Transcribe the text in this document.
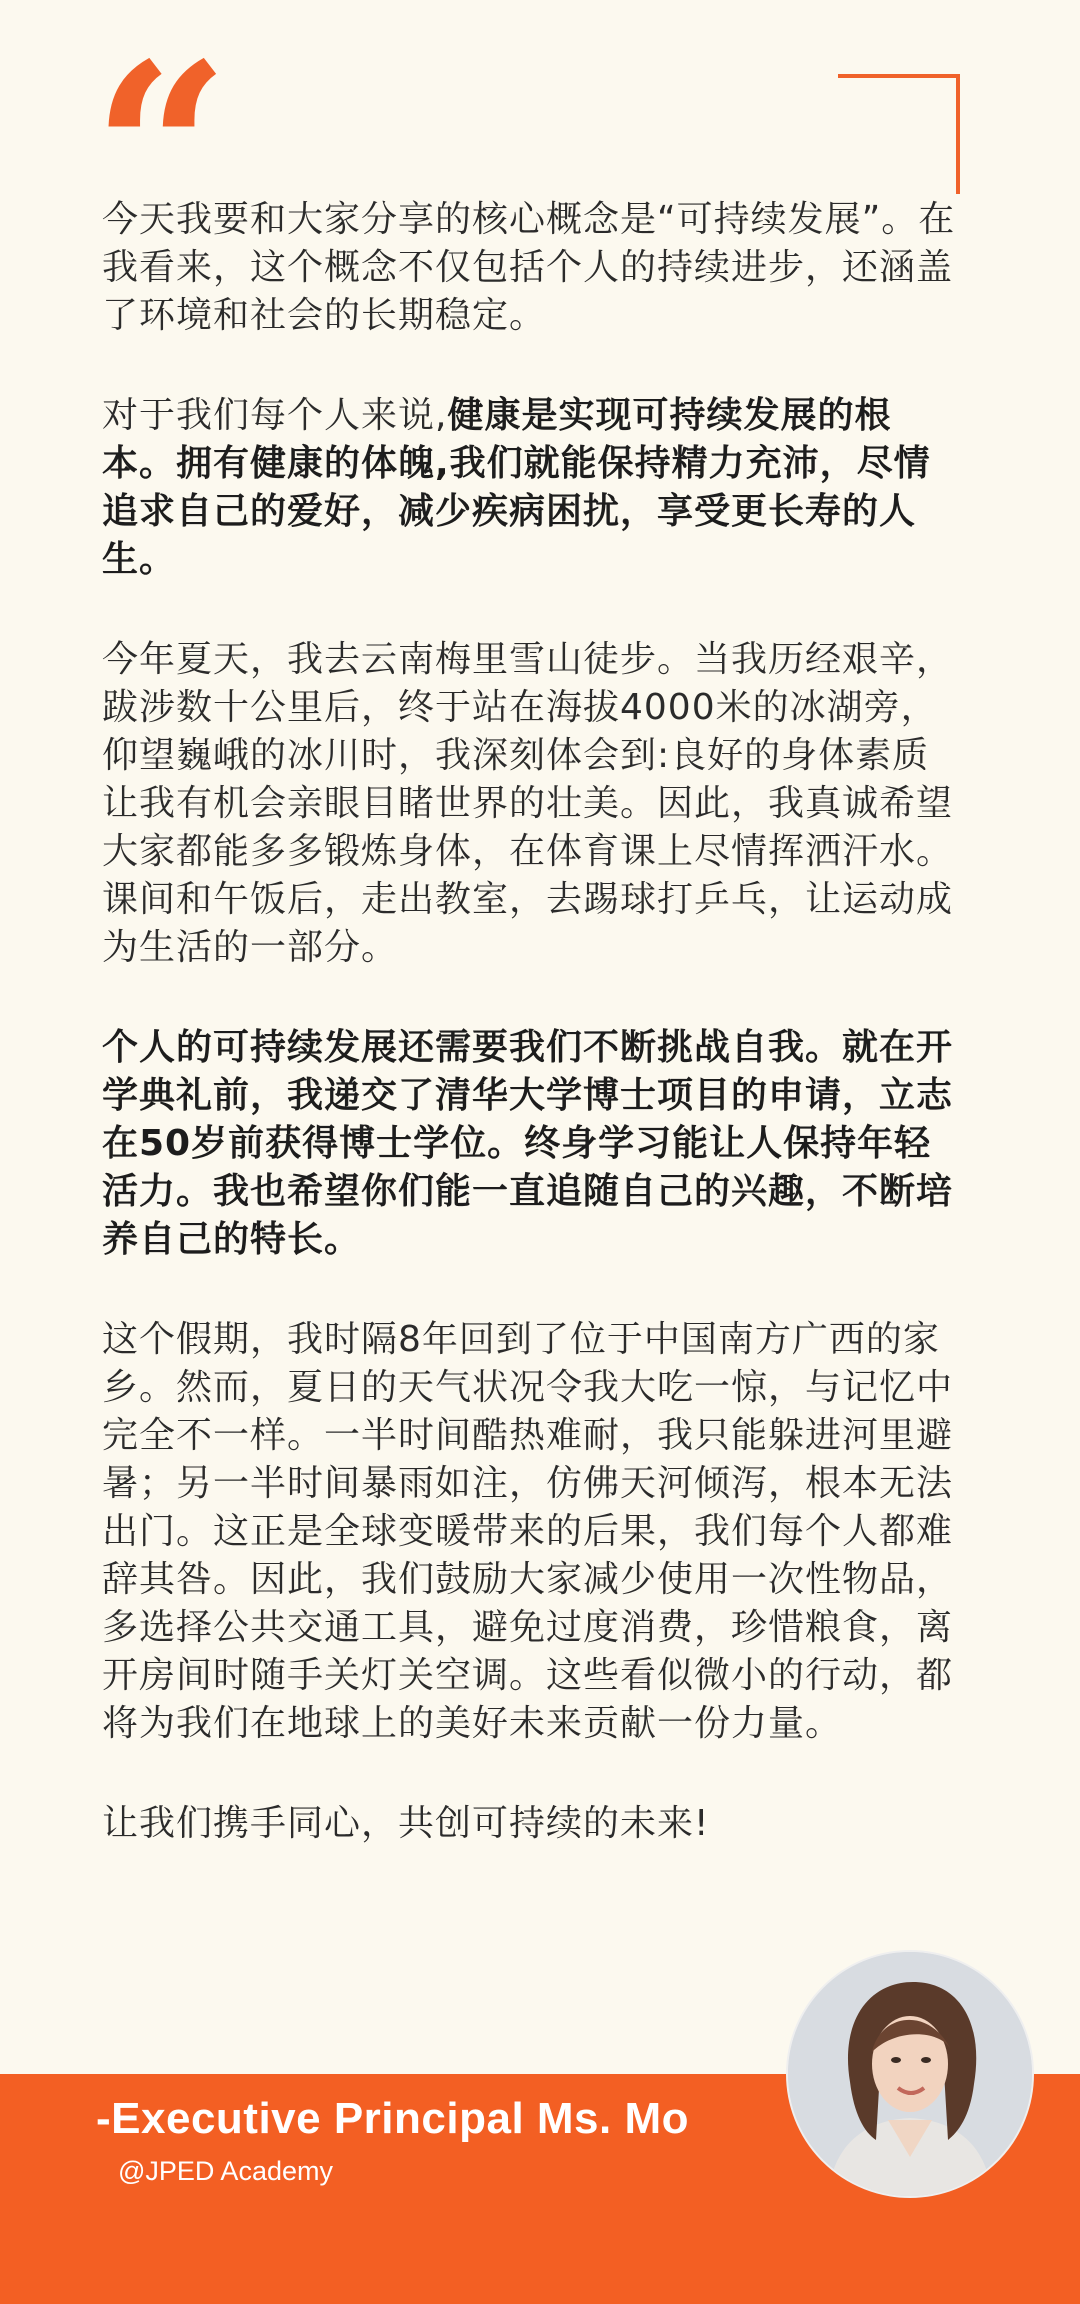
“

今天我要和大家分享的核心概念是“可持续发展”。在我看来，这个概念不仅包括个人的持续进步，还涵盖了环境和社会的长期稳定。

对于我们每个人来说,健康是实现可持续发展的根本。拥有健康的体魄,我们就能保持精力充沛，尽情追求自己的爱好，减少疾病困扰，享受更长寿的人生。

今年夏天，我去云南梅里雪山徒步。当我历经艰辛，跋涉数十公里后，终于站在海拔4000米的冰湖旁，仰望巍峨的冰川时，我深刻体会到:良好的身体素质让我有机会亲眼目睹世界的壮美。因此，我真诚希望大家都能多多锻炼身体，在体育课上尽情挥洒汗水。课间和午饭后，走出教室，去踢球打乒乓，让运动成为生活的一部分。

个人的可持续发展还需要我们不断挑战自我。就在开学典礼前，我递交了清华大学博士项目的申请，立志在50岁前获得博士学位。终身学习能让人保持年轻活力。我也希望你们能一直追随自己的兴趣，不断培养自己的特长。

这个假期，我时隔8年回到了位于中国南方广西的家乡。然而，夏日的天气状况令我大吃一惊，与记忆中完全不一样。一半时间酷热难耐，我只能躲进河里避暑；另一半时间暴雨如注，仿佛天河倾泻，根本无法出门。这正是全球变暖带来的后果，我们每个人都难辞其咎。因此，我们鼓励大家减少使用一次性物品，多选择公共交通工具，避免过度消费，珍惜粮食，离开房间时随手关灯关空调。这些看似微小的行动，都将为我们在地球上的美好未来贡献一份力量。

让我们携手同心，共创可持续的未来!

-Executive Principal Ms. Mo
@JPED Academy
